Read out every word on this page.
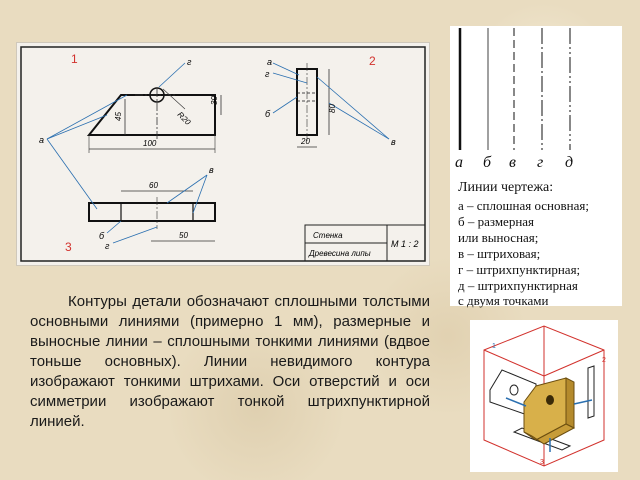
1	2
3
45
30
100
R20
80
20
60
50
а
б
в
г	а
г
в
б
г
Стенка
Древесина липы
М 1 : 2
а б в г д
Линии чертежа:
а – сплошная основная;
б – размерная
или выносная;
в – штриховая;
г – штрихпунктирная;
д – штрихпунктирная
с двумя точками

Контуры детали обозначают сплошными толстыми основными линиями (примерно 1 мм), размерные и выносные линии – сплошными тонкими линиями (вдвое тоньше основных). Линии невидимого контура изображают тонкими штрихами. Оси отверстий и оси симметрии изображают тонкой штрихпунктирной линией.

1
2
3
